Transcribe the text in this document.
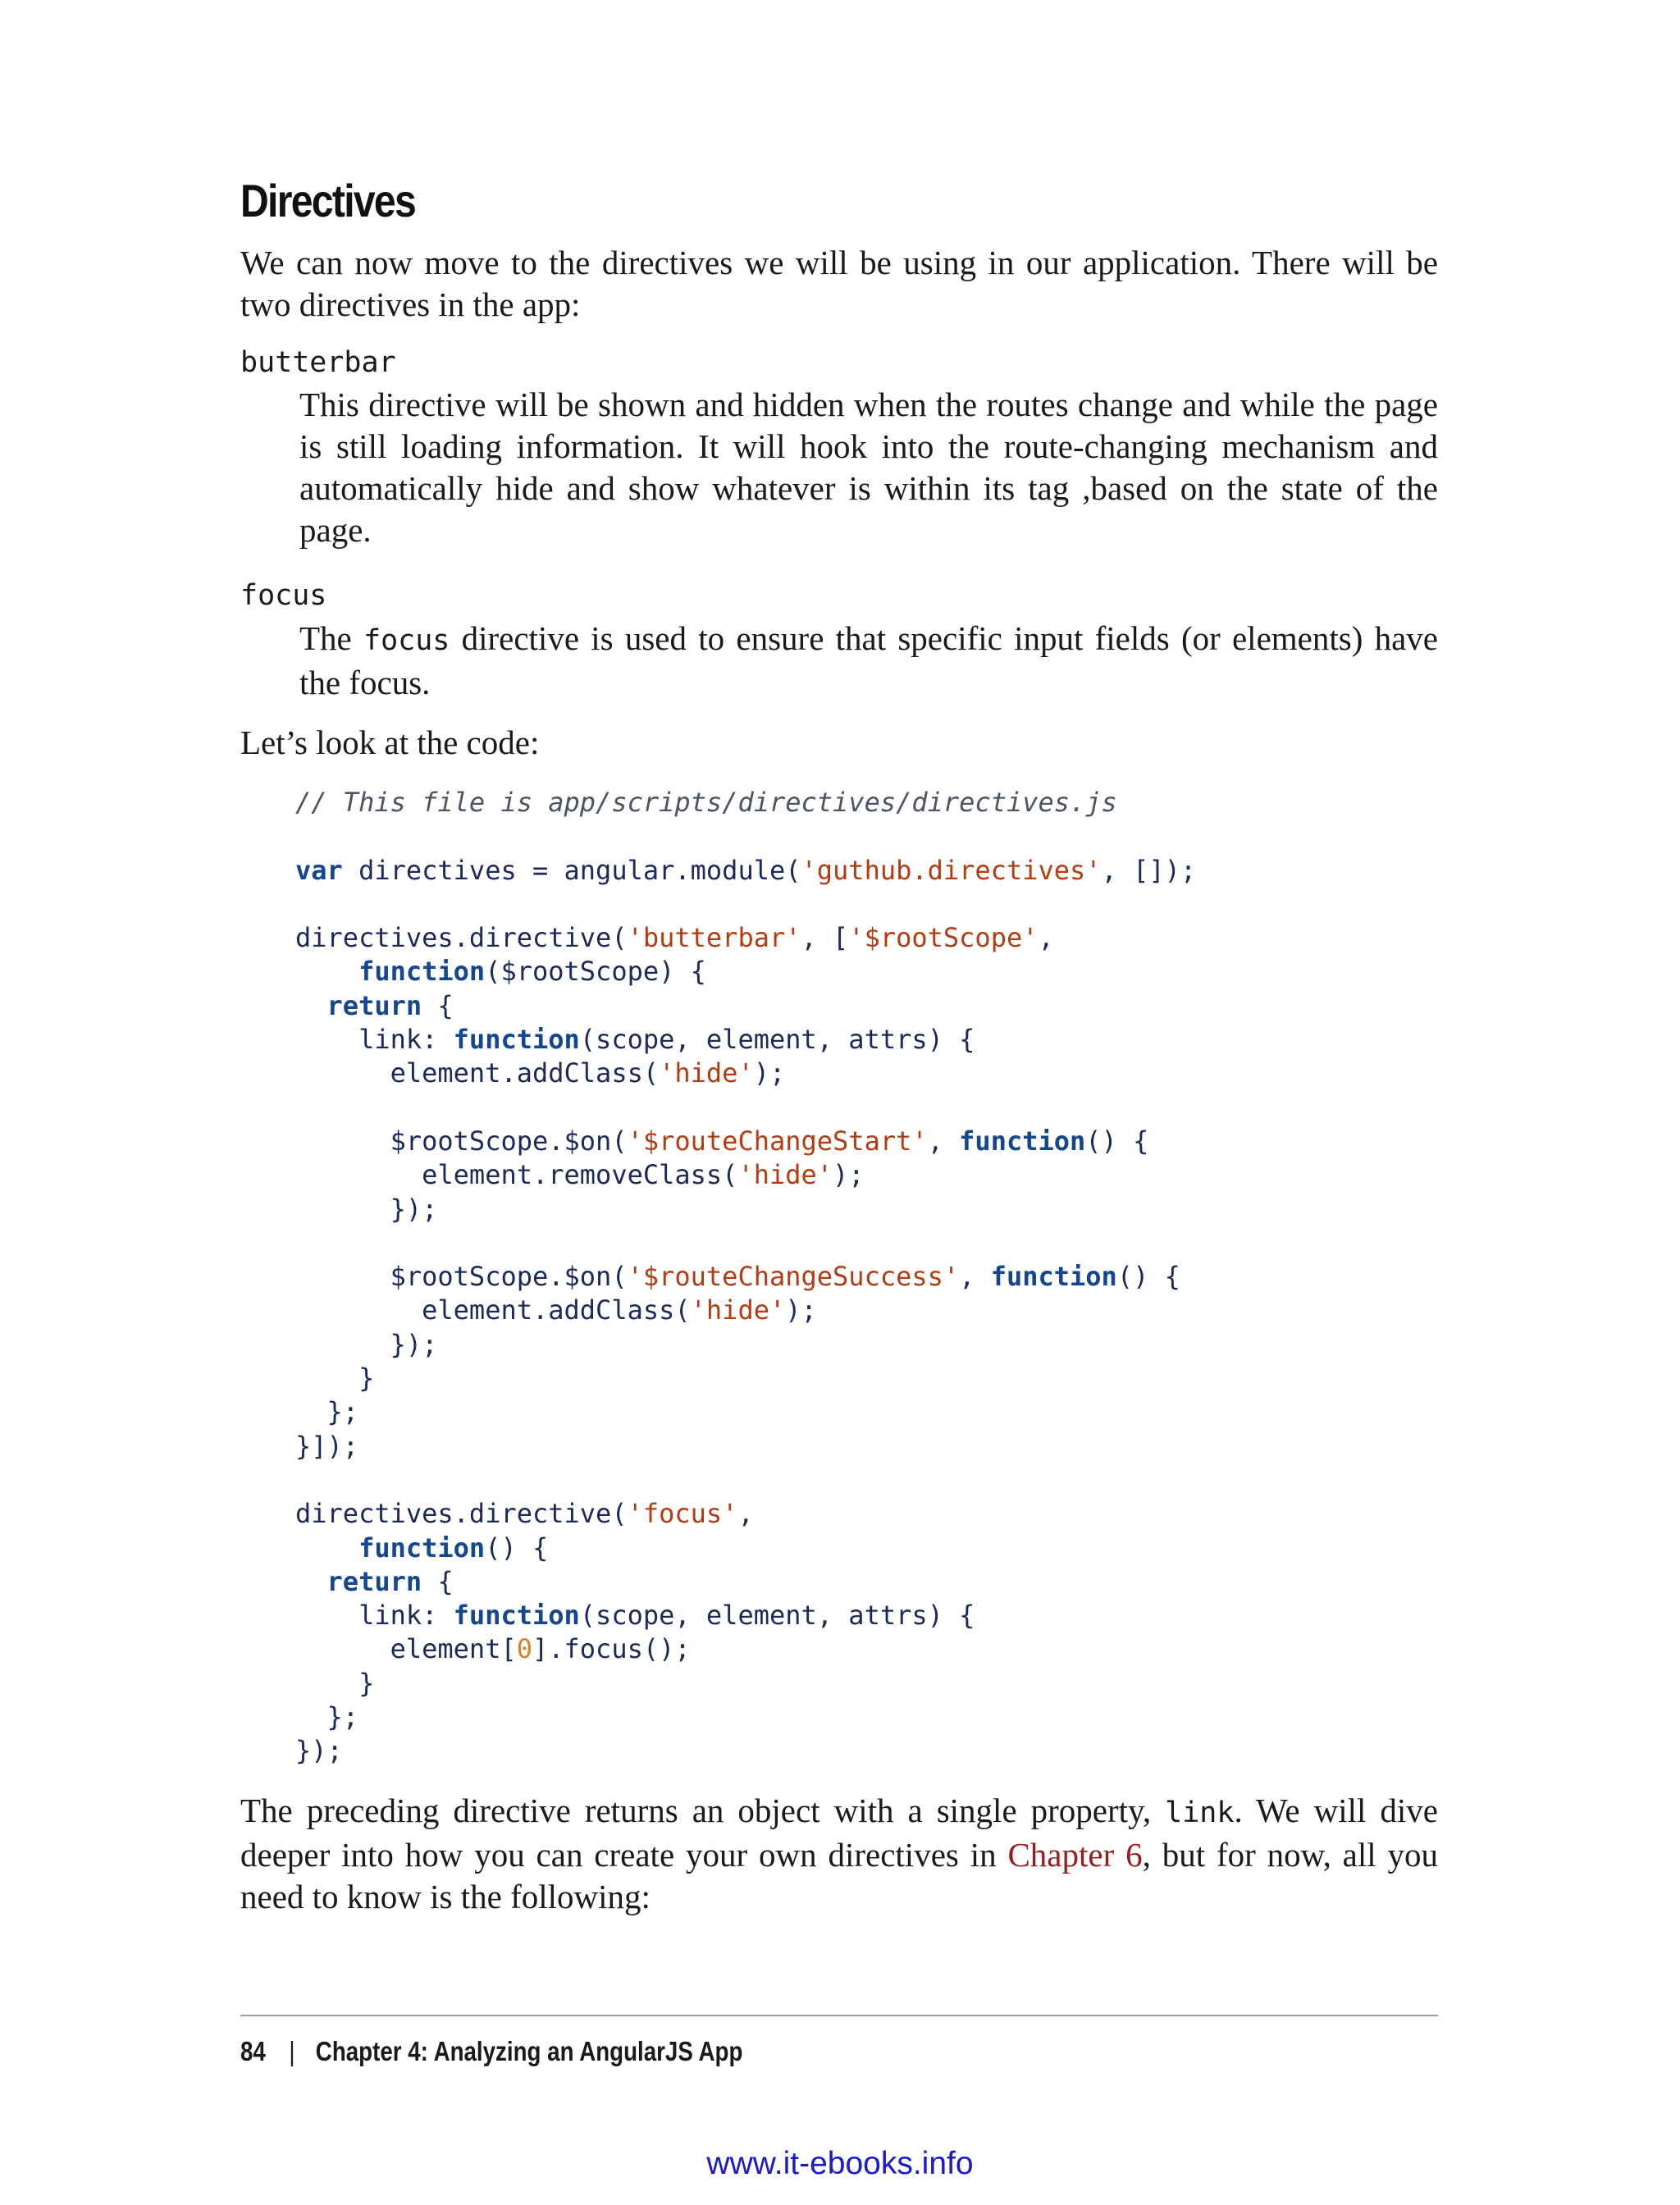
Directives

We can now move to the directives we will be using in our application. There will be two directives in the app:

butterbar

This directive will be shown and hidden when the routes change and while the page is still loading information. It will hook into the route-changing mechanism and automatically hide and show whatever is within its tag ,based on the state of the page.

focus

The focus directive is used to ensure that specific input fields (or elements) have the focus.

Let’s look at the code:

// This file is app/scripts/directives/directives.js

var directives = angular.module('guthub.directives', []);

directives.directive('butterbar', ['$rootScope',
function($rootScope) {
return {
link: function(scope, element, attrs) {
element.addClass('hide');

$rootScope.$on('$routeChangeStart', function() {
element.removeClass('hide');
});

$rootScope.$on('$routeChangeSuccess', function() {
element.addClass('hide');
});
}
};
}]);

directives.directive('focus',
function() {
return {
link: function(scope, element, attrs) {
element[0].focus();
}
};
});

The preceding directive returns an object with a single property, link. We will dive deeper into how you can create your own directives in Chapter 6, but for now, all you need to know is the following:

84 | Chapter 4: Analyzing an AngularJS App
www.it-ebooks.info
